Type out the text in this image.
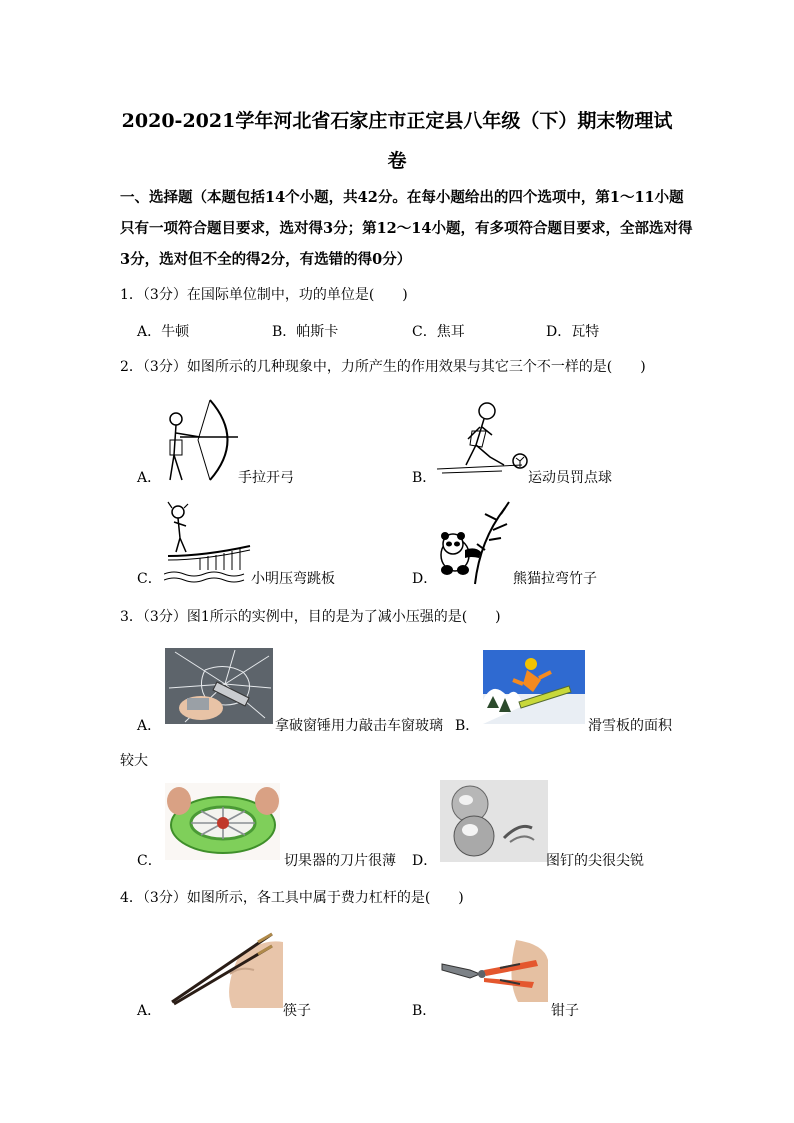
2020-2021学年河北省石家庄市正定县八年级（下）期末物理试
卷
一、选择题（本题包括14个小题，共42分。在每小题给出的四个选项中，第1～11小题
只有一项符合题目要求，选对得3分；第12～14小题，有多项符合题目要求，全部选对得
3分，选对但不全的得2分，有选错的得0分）
1．（3分）在国际单位制中，功的单位是(　　)
A．牛顿	B．帕斯卡	C．焦耳	D．瓦特
2．（3分）如图所示的几种现象中，力所产生的作用效果与其它三个不一样的是(　　)
A．	手拉开弓	B．	运动员罚点球
C．	小明压弯跳板	D．	熊猫拉弯竹子
3．（3分）图1所示的实例中，目的是为了减小压强的是(　　)
A．	拿破窗锤用力敲击车窗玻璃 B．	滑雪板的面积
较大
C．	切果器的刀片很薄 D．	图钉的尖很尖锐
4．（3分）如图所示，各工具中属于费力杠杆的是(　　)
A．	筷子	B．	钳子
